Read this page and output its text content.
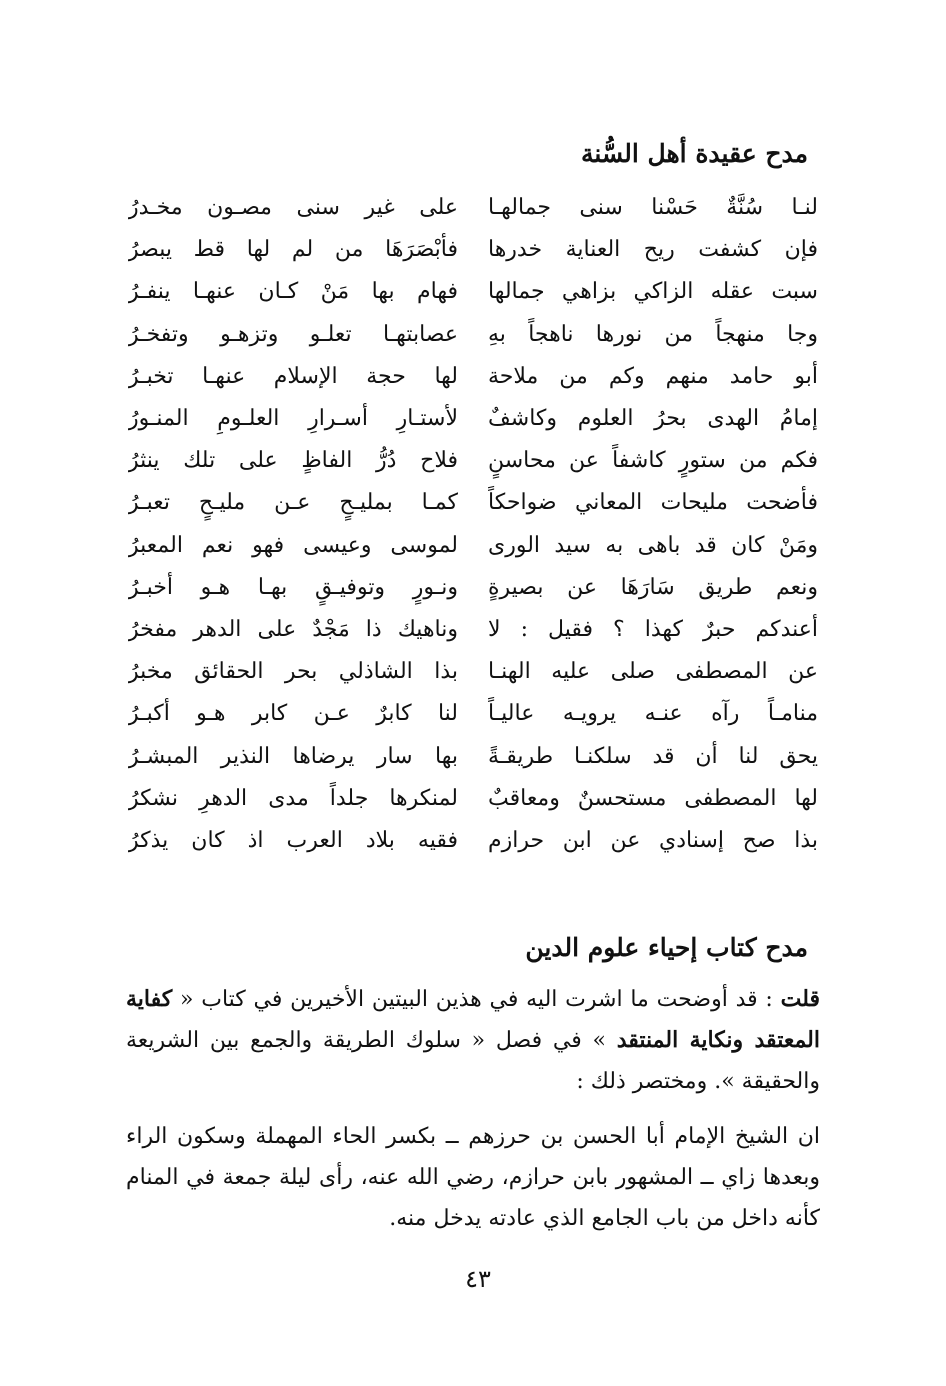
مدح عقيدة أهل السُّنة
لنـا سُنَّةٌ حَسْنا سنى جمالهـا
على غير سنى مصـون مخـدرُ
فإن كشفت ريح العناية خدرها
فأبْصَرَهَا من لم لها قط يبصرُ
سبت عقله الزاكي بزاهي جمالها
فهام بها مَنْ كـان عنهـا ينفـرُ
وجا منهجاً من نورها ناهجاً بهِ
عصابتهـا تعلـو وتزهـو وتفخـرُ
أبو حامد منهم وكم من ملاحة
لها حجة الإسلام عنهـا تخبـرُ
إمامُ الهدى بحرُ العلوم وكاشفٌ
لأستـارِ أسـرارِ العلـومِ المنـورُ
فكم من ستورٍ كاشفاً عن محاسنٍ
فلاح دُرُّ الفاظٍ على تلك ينثرُ
فأضحت مليحات المعاني ضواحكاً
كمـا بمليـحٍ عـن مليـحٍ تعبـرُ
ومَنْ كان قد باهى به سيد الورى
لموسى وعيسى فهو نعم المعبرُ
ونعم طريق سَارَهَا عن بصيرةٍ
ونـورٍ وتوفيـقٍ بهـا هـو أخبـرُ
أعندكم حبرٌ كهذا ؟ فقيل : لا
وناهيك ذا مَجْدٌ على الدهر مفخرُ
عن المصطفى صلى عليه الهنـا
بذا الشاذلي بحر الحقائق مخبرُ
منامـاً رآه عنـه يرويـه عاليـاً
لنا كابرٌ عـن كابر هـو أكبـرُ
يحق لنا أن قد سلكنـا طريقـةً
بها سار يرضاها النذير المبشـرُ
لها المصطفى مستحسنٌ ومعاقبٌ
لمنكرها جلداً مدى الدهرِ نشكرُ
بذا صح إسنادي عن ابن حرازم
فقيه بلاد العرب اذ كان يذكرُ
مدح كتاب إحياء علوم الدين
قلت : قد أوضحت ما اشرت اليه في هذين البيتين الأخيرين في كتاب « كفاية المعتقد ونكاية المنتقد » في فصل « سلوك الطريقة والجمع بين الشريعة والحقيقة ». ومختصر ذلك :
ان الشيخ الإمام أبا الحسن بن حرزهم ــ بكسر الحاء المهملة وسكون الراء وبعدها زاي ــ المشهور بابن حرازم، رضي الله عنه، رأى ليلة جمعة في المنام كأنه داخل من باب الجامع الذي عادته يدخل منه.
٤٣
